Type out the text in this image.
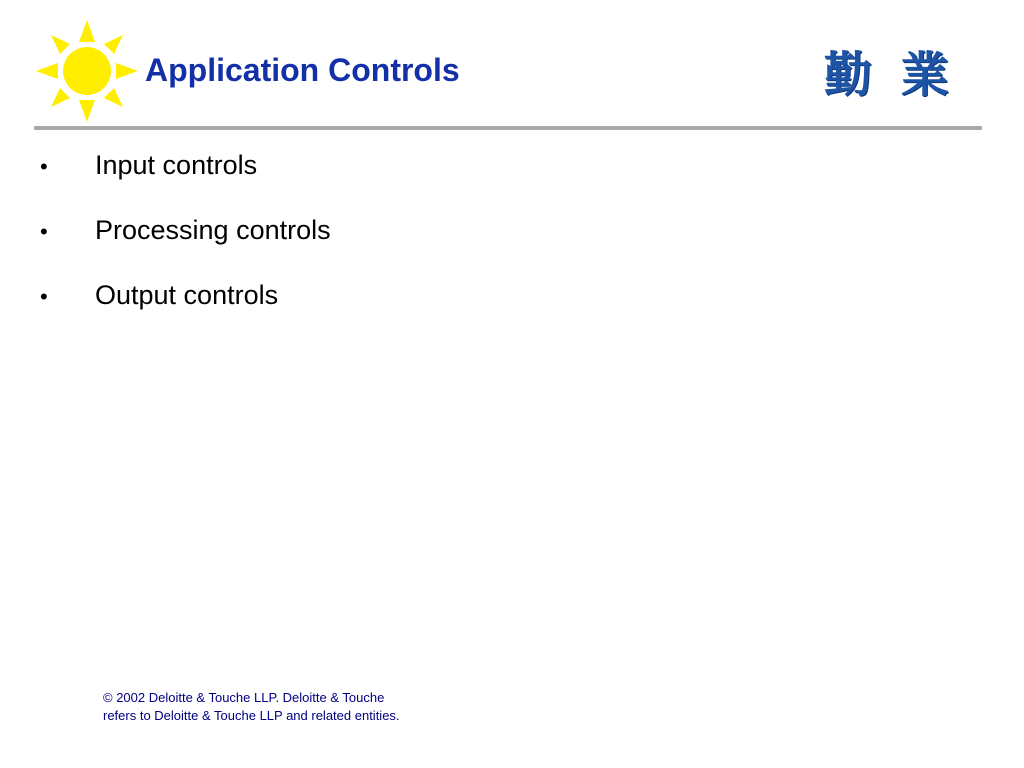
Application Controls	勤 業
•	Input controls
•	Processing controls
•	Output controls
© 2002 Deloitte & Touche LLP. Deloitte & Touche
refers to Deloitte & Touche LLP and related entities.
